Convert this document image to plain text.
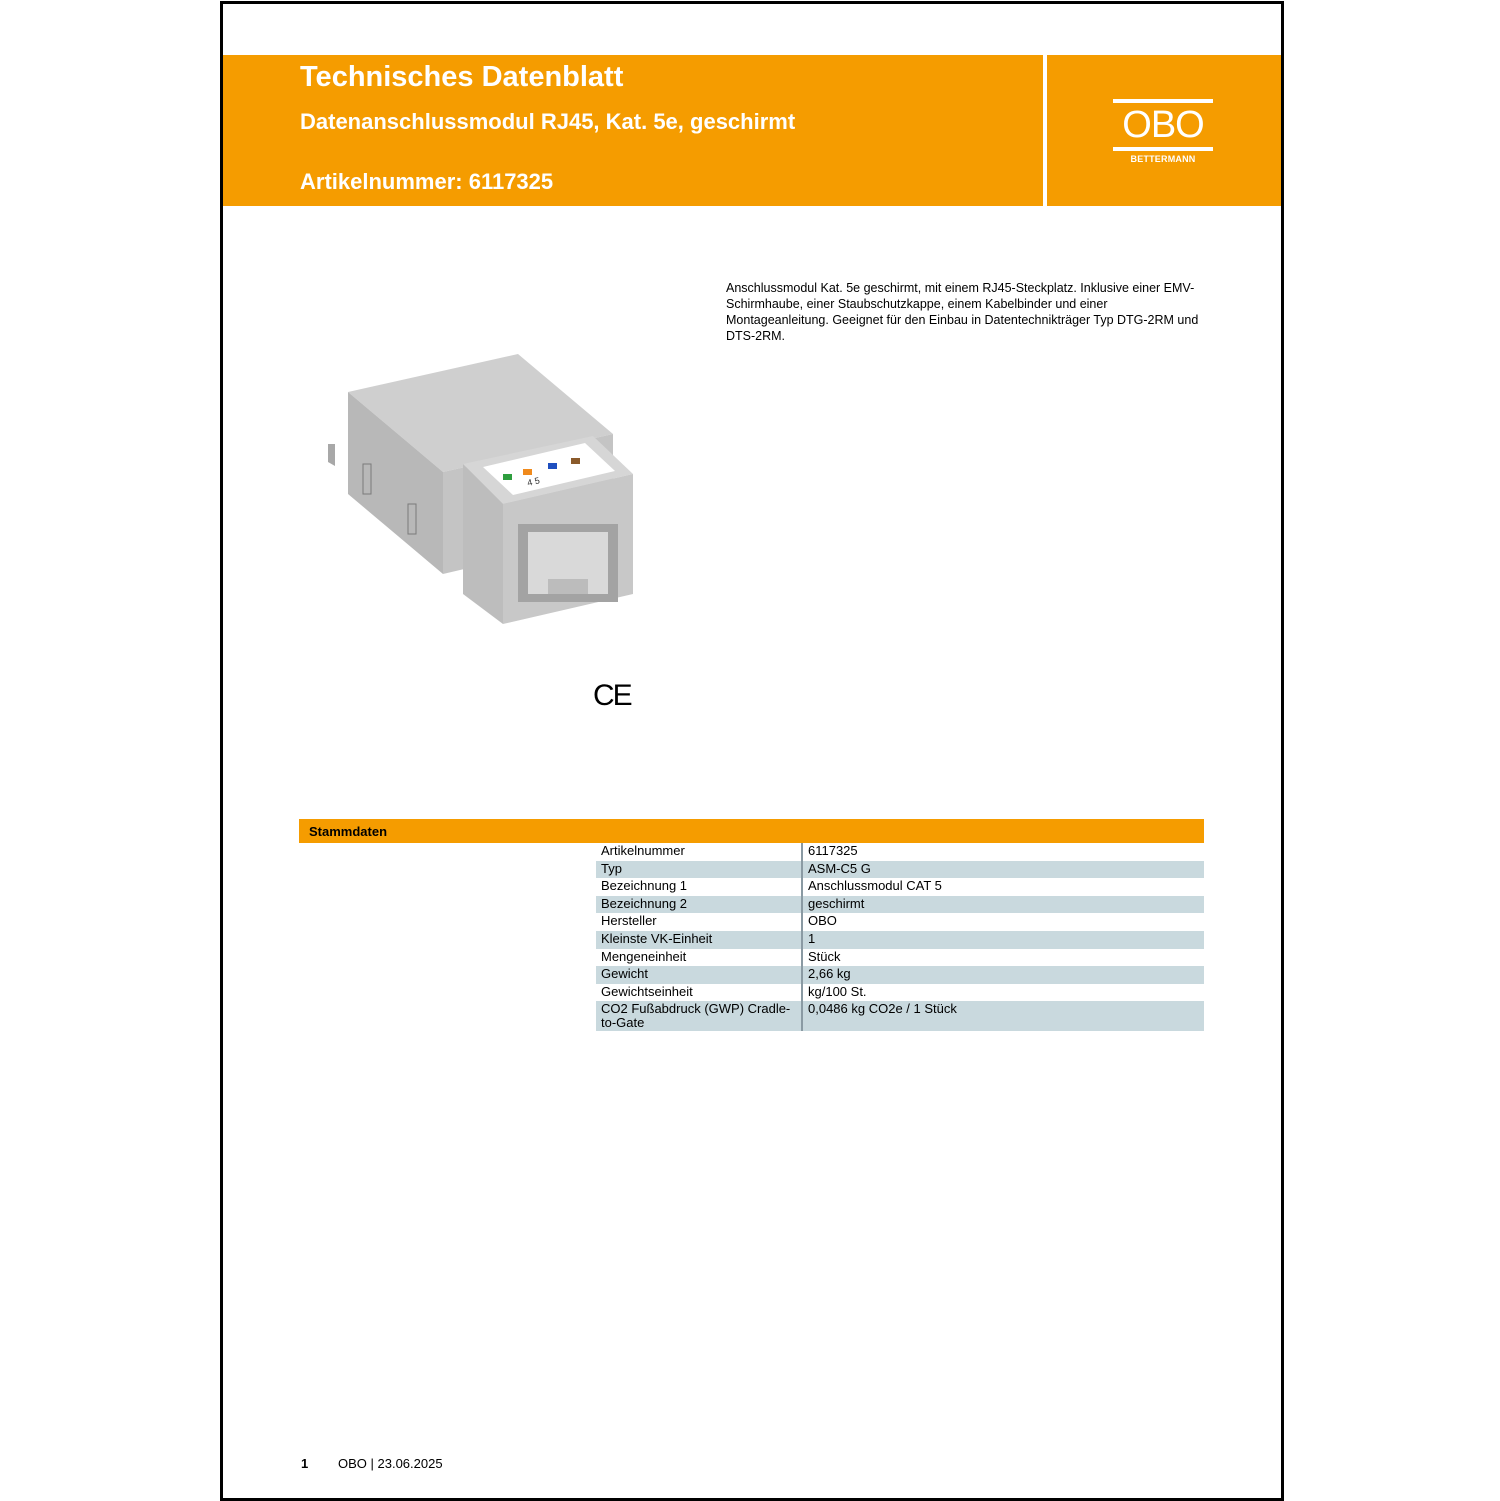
Technisches Datenblatt
Datenanschlussmodul RJ45, Kat. 5e, geschirmt
Artikelnummer: 6117325
OBO
BETTERMANN
Anschlussmodul Kat. 5e geschirmt, mit einem RJ45-Steckplatz. Inklusive einer EMV-Schirmhaube, einer Staubschutzkappe, einem Kabelbinder und einer Montageanleitung. Geeignet für den Einbau in Datentechnikträger Typ DTG-2RM und DTS-2RM.
4 5
CE
Stammdaten
Artikelnummer	6117325
Typ	ASM-C5 G
Bezeichnung 1	Anschlussmodul CAT 5
Bezeichnung 2	geschirmt
Hersteller	OBO
Kleinste VK-Einheit	1
Mengeneinheit	Stück
Gewicht	2,66 kg
Gewichtseinheit	kg/100 St.
CO2 Fußabdruck (GWP) Cradle-to-Gate	0,0486 kg CO2e / 1 Stück
1 OBO | 23.06.2025
